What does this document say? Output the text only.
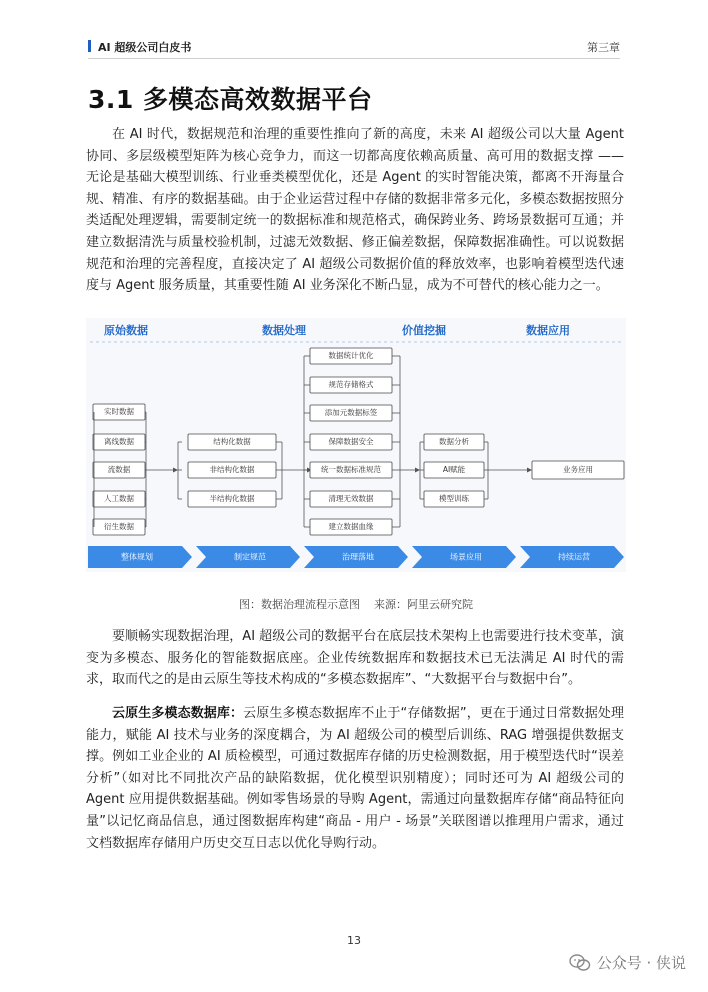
AI 超级公司白皮书	第三章
3.1 多模态高效数据平台

在 AI 时代，数据规范和治理的重要性推向了新的高度，未来 AI 超级公司以大量 Agent 协同、多层级模型矩阵为核心竞争力，而这一切都高度依赖高质量、高可用的数据支撑 —— 无论是基础大模型训练、行业垂类模型优化，还是 Agent 的实时智能决策，都离不开海量合规、精准、有序的数据基础。由于企业运营过程中存储的数据非常多元化，多模态数据按照分类适配处理逻辑，需要制定统一的数据标准和规范格式，确保跨业务、跨场景数据可互通；并建立数据清洗与质量校验机制，过滤无效数据、修正偏差数据，保障数据准确性。可以说数据规范和治理的完善程度，直接决定了 AI 超级公司数据价值的释放效率，也影响着模型迭代速度与 Agent 服务质量，其重要性随 AI 业务深化不断凸显，成为不可替代的核心能力之一。

原始数据	数据处理	价值挖掘	数据应用
实时数据
离线数据
流数据
人工数据
衍生数据
结构化数据
非结构化数据
半结构化数据
数据统计优化
规范存储格式
添加元数据标签
保障数据安全
统一数据标准规范
清理无效数据
建立数据血缘
数据分析
AI赋能
模型训练
业务应用
整体规划	制定规范	治理落地	场景应用	持续运营
图：数据治理流程示意图 来源：阿里云研究院

要顺畅实现数据治理，AI 超级公司的数据平台在底层技术架构上也需要进行技术变革，演变为多模态、服务化的智能数据底座。企业传统数据库和数据技术已无法满足 AI 时代的需求，取而代之的是由云原生等技术构成的“多模态数据库”、“大数据平台与数据中台”。

云原生多模态数据库：云原生多模态数据库不止于“存储数据”，更在于通过日常数据处理能力，赋能 AI 技术与业务的深度耦合，为 AI 超级公司的模型后训练、RAG 增强提供数据支撑。例如工业企业的 AI 质检模型，可通过数据库存储的历史检测数据，用于模型迭代时“误差分析”（如对比不同批次产品的缺陷数据，优化模型识别精度）；同时还可为 AI 超级公司的 Agent 应用提供数据基础。例如零售场景的导购 Agent，需通过向量数据库存储“商品特征向量”以记忆商品信息，通过图数据库构建“商品 - 用户 - 场景”关联图谱以推理用户需求，通过文档数据库存储用户历史交互日志以优化导购行动。

13
公众号 · 侠说
